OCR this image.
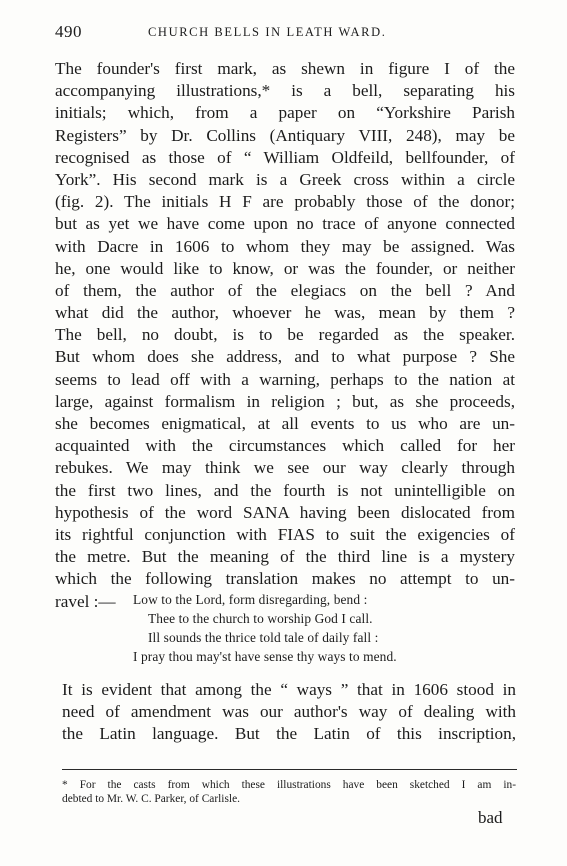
490	CHURCH BELLS IN LEATH WARD.
The founder's first mark, as shewn in figure I of the
accompanying illustrations,* is a bell, separating his
initials; which, from a paper on “Yorkshire Parish
Registers” by Dr. Collins (Antiquary VIII, 248), may be
recognised as those of “ William Oldfeild, bellfounder, of
York”. His second mark is a Greek cross within a circle
(fig. 2). The initials H F are probably those of the donor;
but as yet we have come upon no trace of anyone connected
with Dacre in 1606 to whom they may be assigned. Was
he, one would like to know, or was the founder, or neither
of them, the author of the elegiacs on the bell ? And
what did the author, whoever he was, mean by them ?
The bell, no doubt, is to be regarded as the speaker.
But whom does she address, and to what purpose ? She
seems to lead off with a warning, perhaps to the nation at
large, against formalism in religion ; but, as she proceeds,
she becomes enigmatical, at all events to us who are un-
acquainted with the circumstances which called for her
rebukes. We may think we see our way clearly through
the first two lines, and the fourth is not unintelligible on
hypothesis of the word SANA having been dislocated from
its rightful conjunction with FIAS to suit the exigencies of
the metre. But the meaning of the third line is a mystery
which the following translation makes no attempt to un-
ravel :—	Low to the Lord, form disregarding, bend :
Thee to the church to worship God I call.
Ill sounds the thrice told tale of daily fall :
I pray thou may'st have sense thy ways to mend.
It is evident that among the “ ways ” that in 1606 stood in
need of amendment was our author's way of dealing with
the Latin language. But the Latin of this inscription,
* For the casts from which these illustrations have been sketched I am in-
debted to Mr. W. C. Parker, of Carlisle.
bad
